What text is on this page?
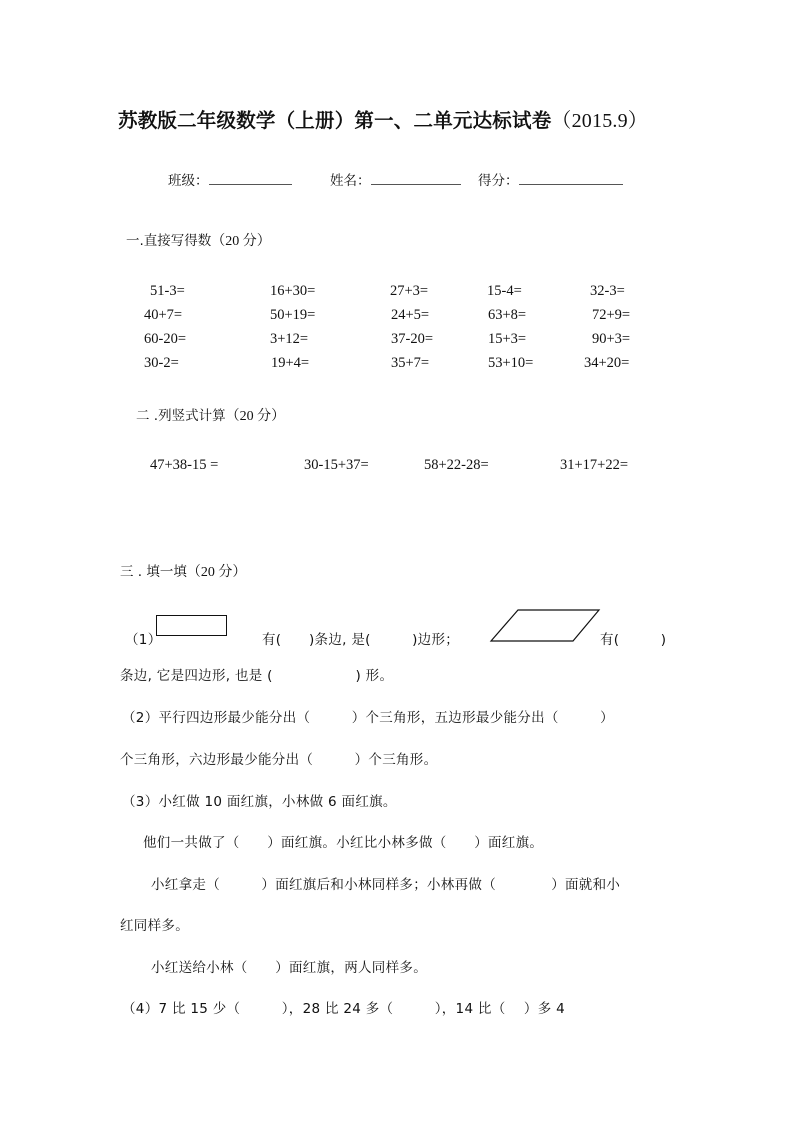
苏教版二年级数学（上册）第一、二单元达标试卷（2015.9）
班级：	姓名：	得分：
一.直接写得数（20 分）
51-3=	16+30=	27+3=	15-4=	32-3=
40+7=	50+19=	24+5=	63+8=	72+9=
60-20=	3+12=	37-20=	15+3=	90+3=
30-2=	19+4=	35+7=	53+10=	34+20=
二 .列竖式计算（20 分）
47+38-15 =	30-15+37=	58+22-28=	31+17+22=
三 . 填一填（20 分）
（1）	有(　　)条边, 是(　　　)边形；	有(　　　)
条边, 它是四边形, 也是 (　　　　　　) 形。
（2）平行四边形最少能分出（　　　）个三角形，五边形最少能分出（　　　）
个三角形，六边形最少能分出（　　　）个三角形。
（3）小红做 10 面红旗，小林做 6 面红旗。
他们一共做了（　　）面红旗。小红比小林多做（　　）面红旗。
小红拿走（　　　）面红旗后和小林同样多；小林再做（　　　　）面就和小
红同样多。
小红送给小林（　　）面红旗，两人同样多。
（4）7 比 15 少（　　　），28 比 24 多（　　　），14 比（　 ）多 4
